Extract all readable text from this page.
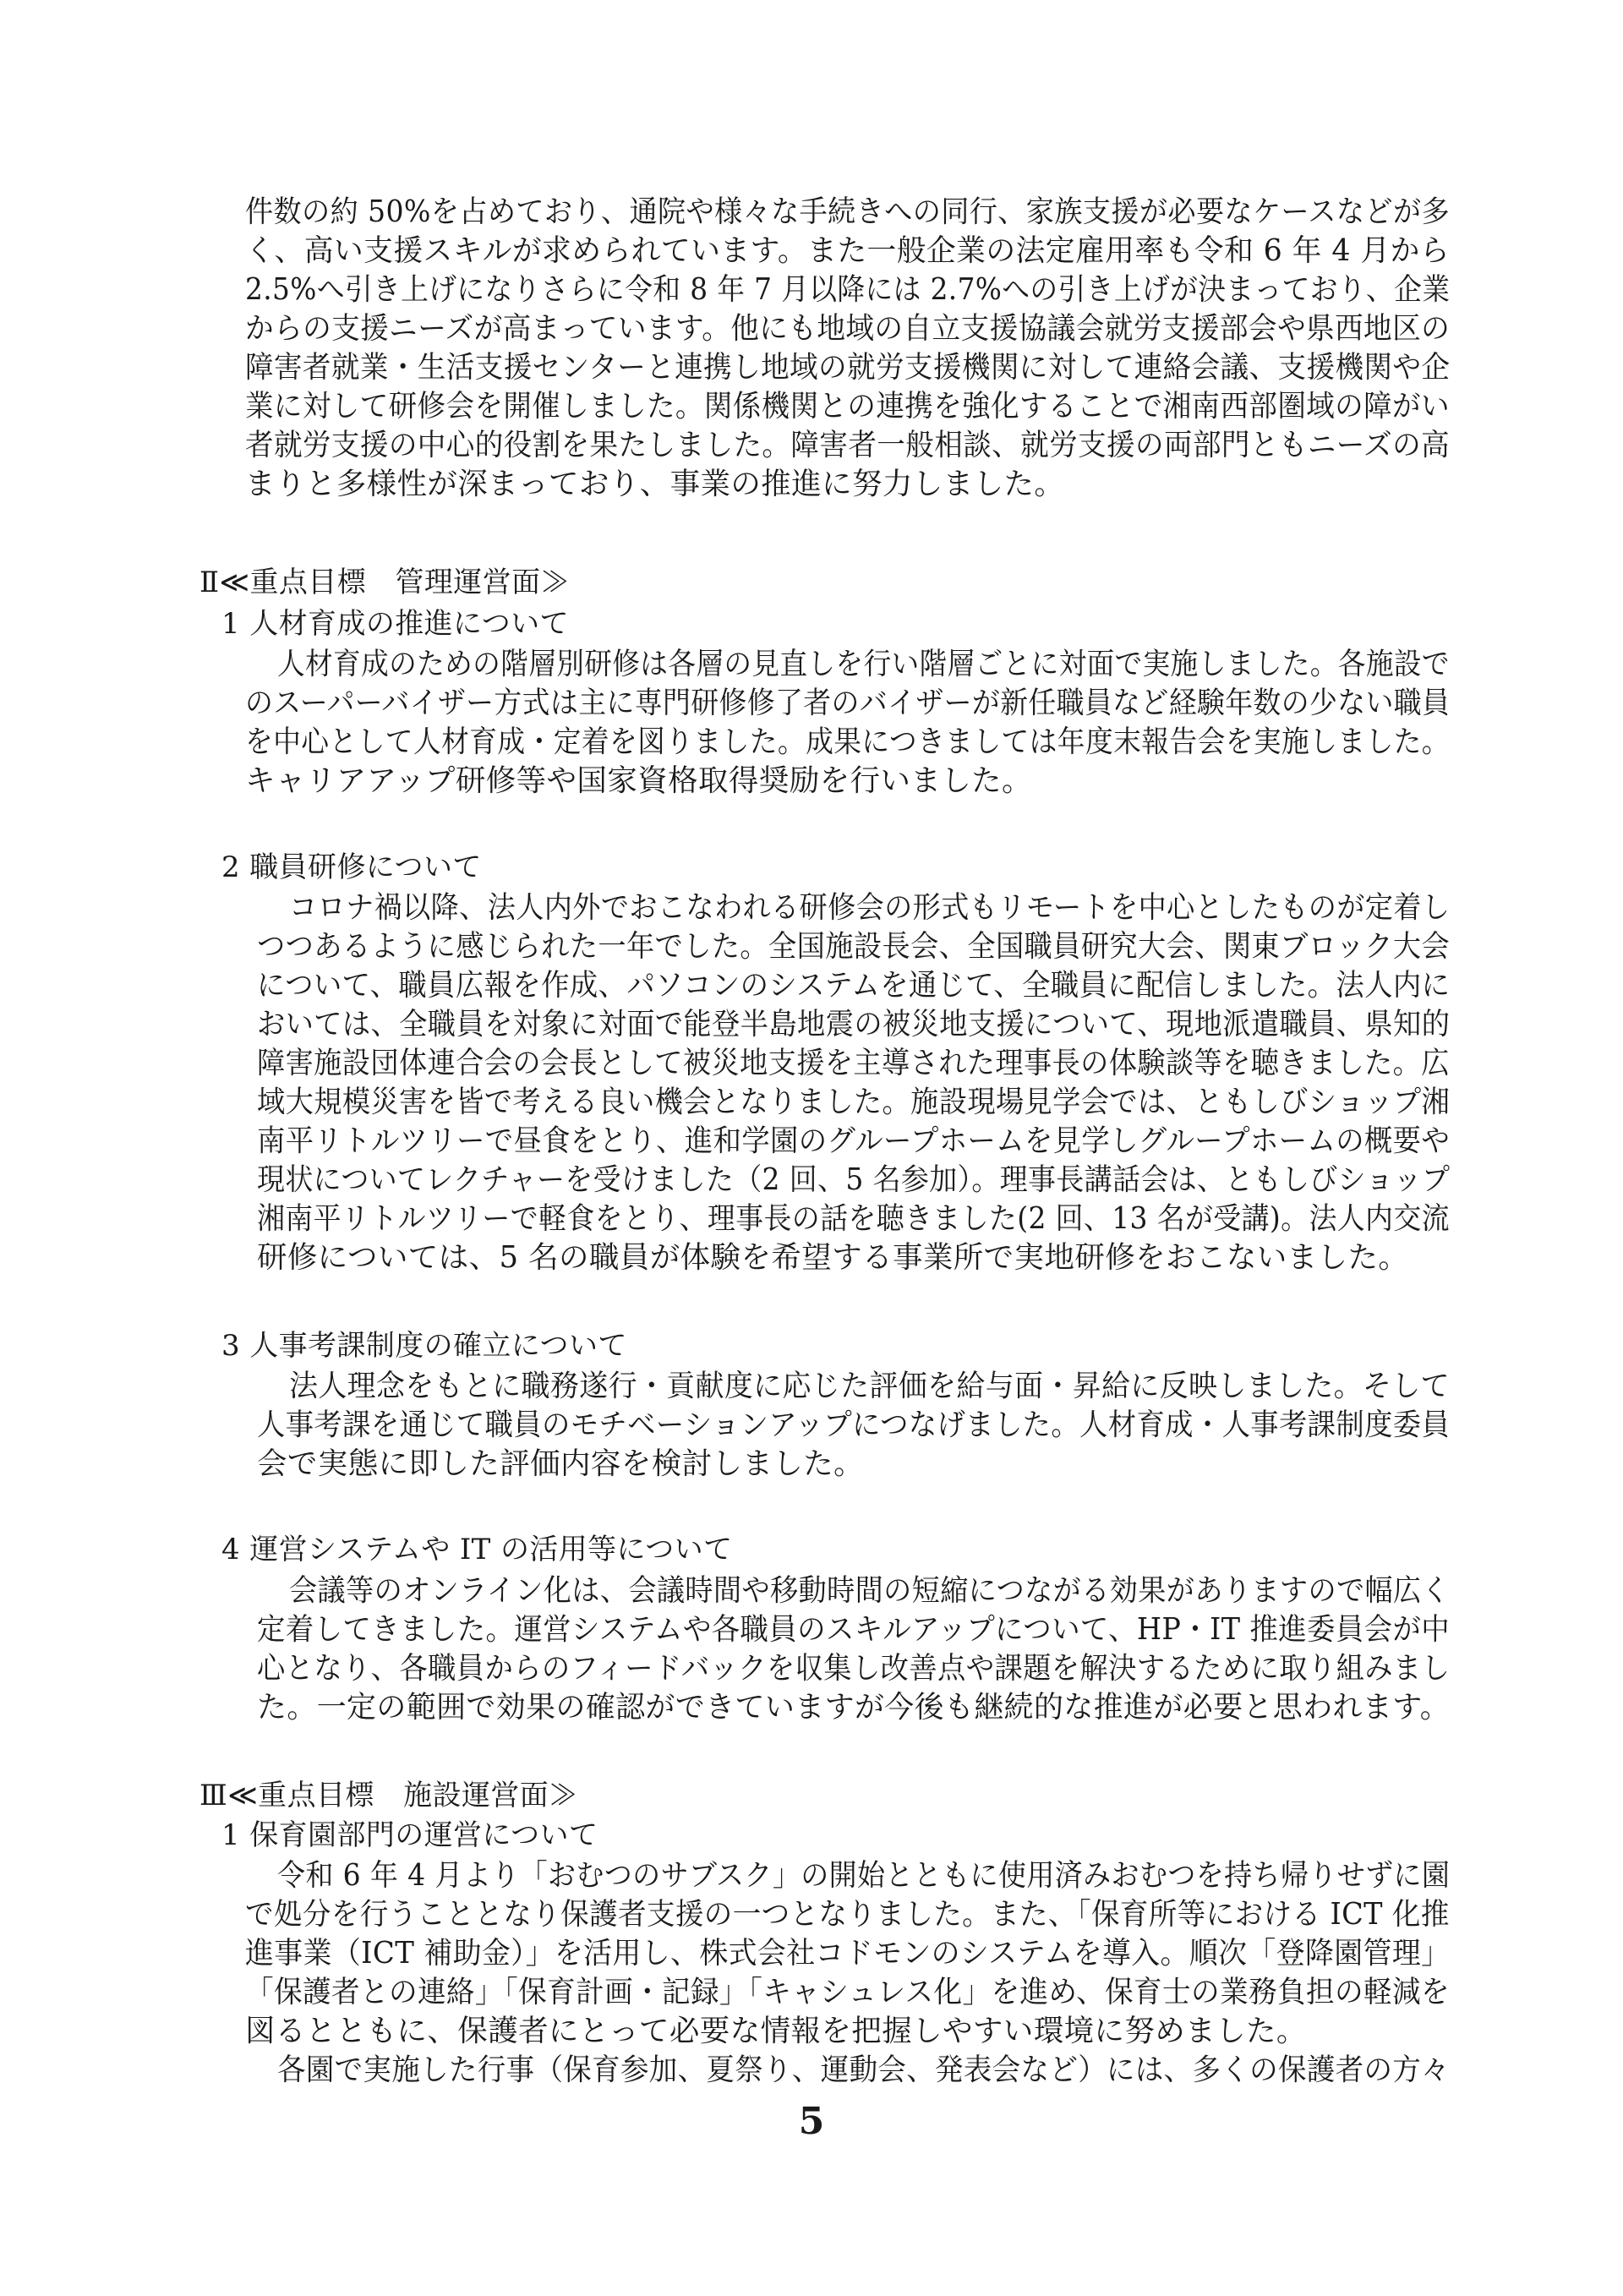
件数の約 50%を占めており、通院や様々な手続きへの同行、家族支援が必要なケースなどが多
く、高い支援スキルが求められています。また一般企業の法定雇用率も令和 6 年 4 月から
2.5%へ引き上げになりさらに令和 8 年 7 月以降には 2.7%への引き上げが決まっており、企業
からの支援ニーズが高まっています。他にも地域の自立支援協議会就労支援部会や県西地区の
障害者就業・生活支援センターと連携し地域の就労支援機関に対して連絡会議、支援機関や企
業に対して研修会を開催しました。関係機関との連携を強化することで湘南西部圏域の障がい
者就労支援の中心的役割を果たしました。障害者一般相談、就労支援の両部門ともニーズの高
まりと多様性が深まっており、事業の推進に努力しました。
Ⅱ≪重点目標　管理運営面≫
1 人材育成の推進について
人材育成のための階層別研修は各層の見直しを行い階層ごとに対面で実施しました。各施設で
のスーパーバイザー方式は主に専門研修修了者のバイザーが新任職員など経験年数の少ない職員
を中心として人材育成・定着を図りました。成果につきましては年度末報告会を実施しました。
キャリアアップ研修等や国家資格取得奨励を行いました。
2 職員研修について
コロナ禍以降、法人内外でおこなわれる研修会の形式もリモートを中心としたものが定着し
つつあるように感じられた一年でした。全国施設長会、全国職員研究大会、関東ブロック大会
について、職員広報を作成、パソコンのシステムを通じて、全職員に配信しました。法人内に
おいては、全職員を対象に対面で能登半島地震の被災地支援について、現地派遣職員、県知的
障害施設団体連合会の会長として被災地支援を主導された理事長の体験談等を聴きました。広
域大規模災害を皆で考える良い機会となりました。施設現場見学会では、ともしびショップ湘
南平リトルツリーで昼食をとり、進和学園のグループホームを見学しグループホームの概要や
現状についてレクチャーを受けました（2 回、5 名参加）。理事長講話会は、ともしびショップ
湘南平リトルツリーで軽食をとり、理事長の話を聴きました(2 回、13 名が受講)。法人内交流
研修については、5 名の職員が体験を希望する事業所で実地研修をおこないました。
3 人事考課制度の確立について
法人理念をもとに職務遂行・貢献度に応じた評価を給与面・昇給に反映しました。そして
人事考課を通じて職員のモチベーションアップにつなげました。人材育成・人事考課制度委員
会で実態に即した評価内容を検討しました。
4 運営システムや IT の活用等について
会議等のオンライン化は、会議時間や移動時間の短縮につながる効果がありますので幅広く
定着してきました。運営システムや各職員のスキルアップについて、HP・IT 推進委員会が中
心となり、各職員からのフィードバックを収集し改善点や課題を解決するために取り組みまし
た。一定の範囲で効果の確認ができていますが今後も継続的な推進が必要と思われます。
Ⅲ≪重点目標　施設運営面≫
1 保育園部門の運営について
令和 6 年 4 月より「おむつのサブスク」の開始とともに使用済みおむつを持ち帰りせずに園
で処分を行うこととなり保護者支援の一つとなりました。また、「保育所等における ICT 化推
進事業（ICT 補助金）」を活用し、株式会社コドモンのシステムを導入。順次「登降園管理」
「保護者との連絡」「保育計画・記録」「キャシュレス化」を進め、保育士の業務負担の軽減を
図るとともに、保護者にとって必要な情報を把握しやすい環境に努めました。
各園で実施した行事（保育参加、夏祭り、運動会、発表会など）には、多くの保護者の方々
5
